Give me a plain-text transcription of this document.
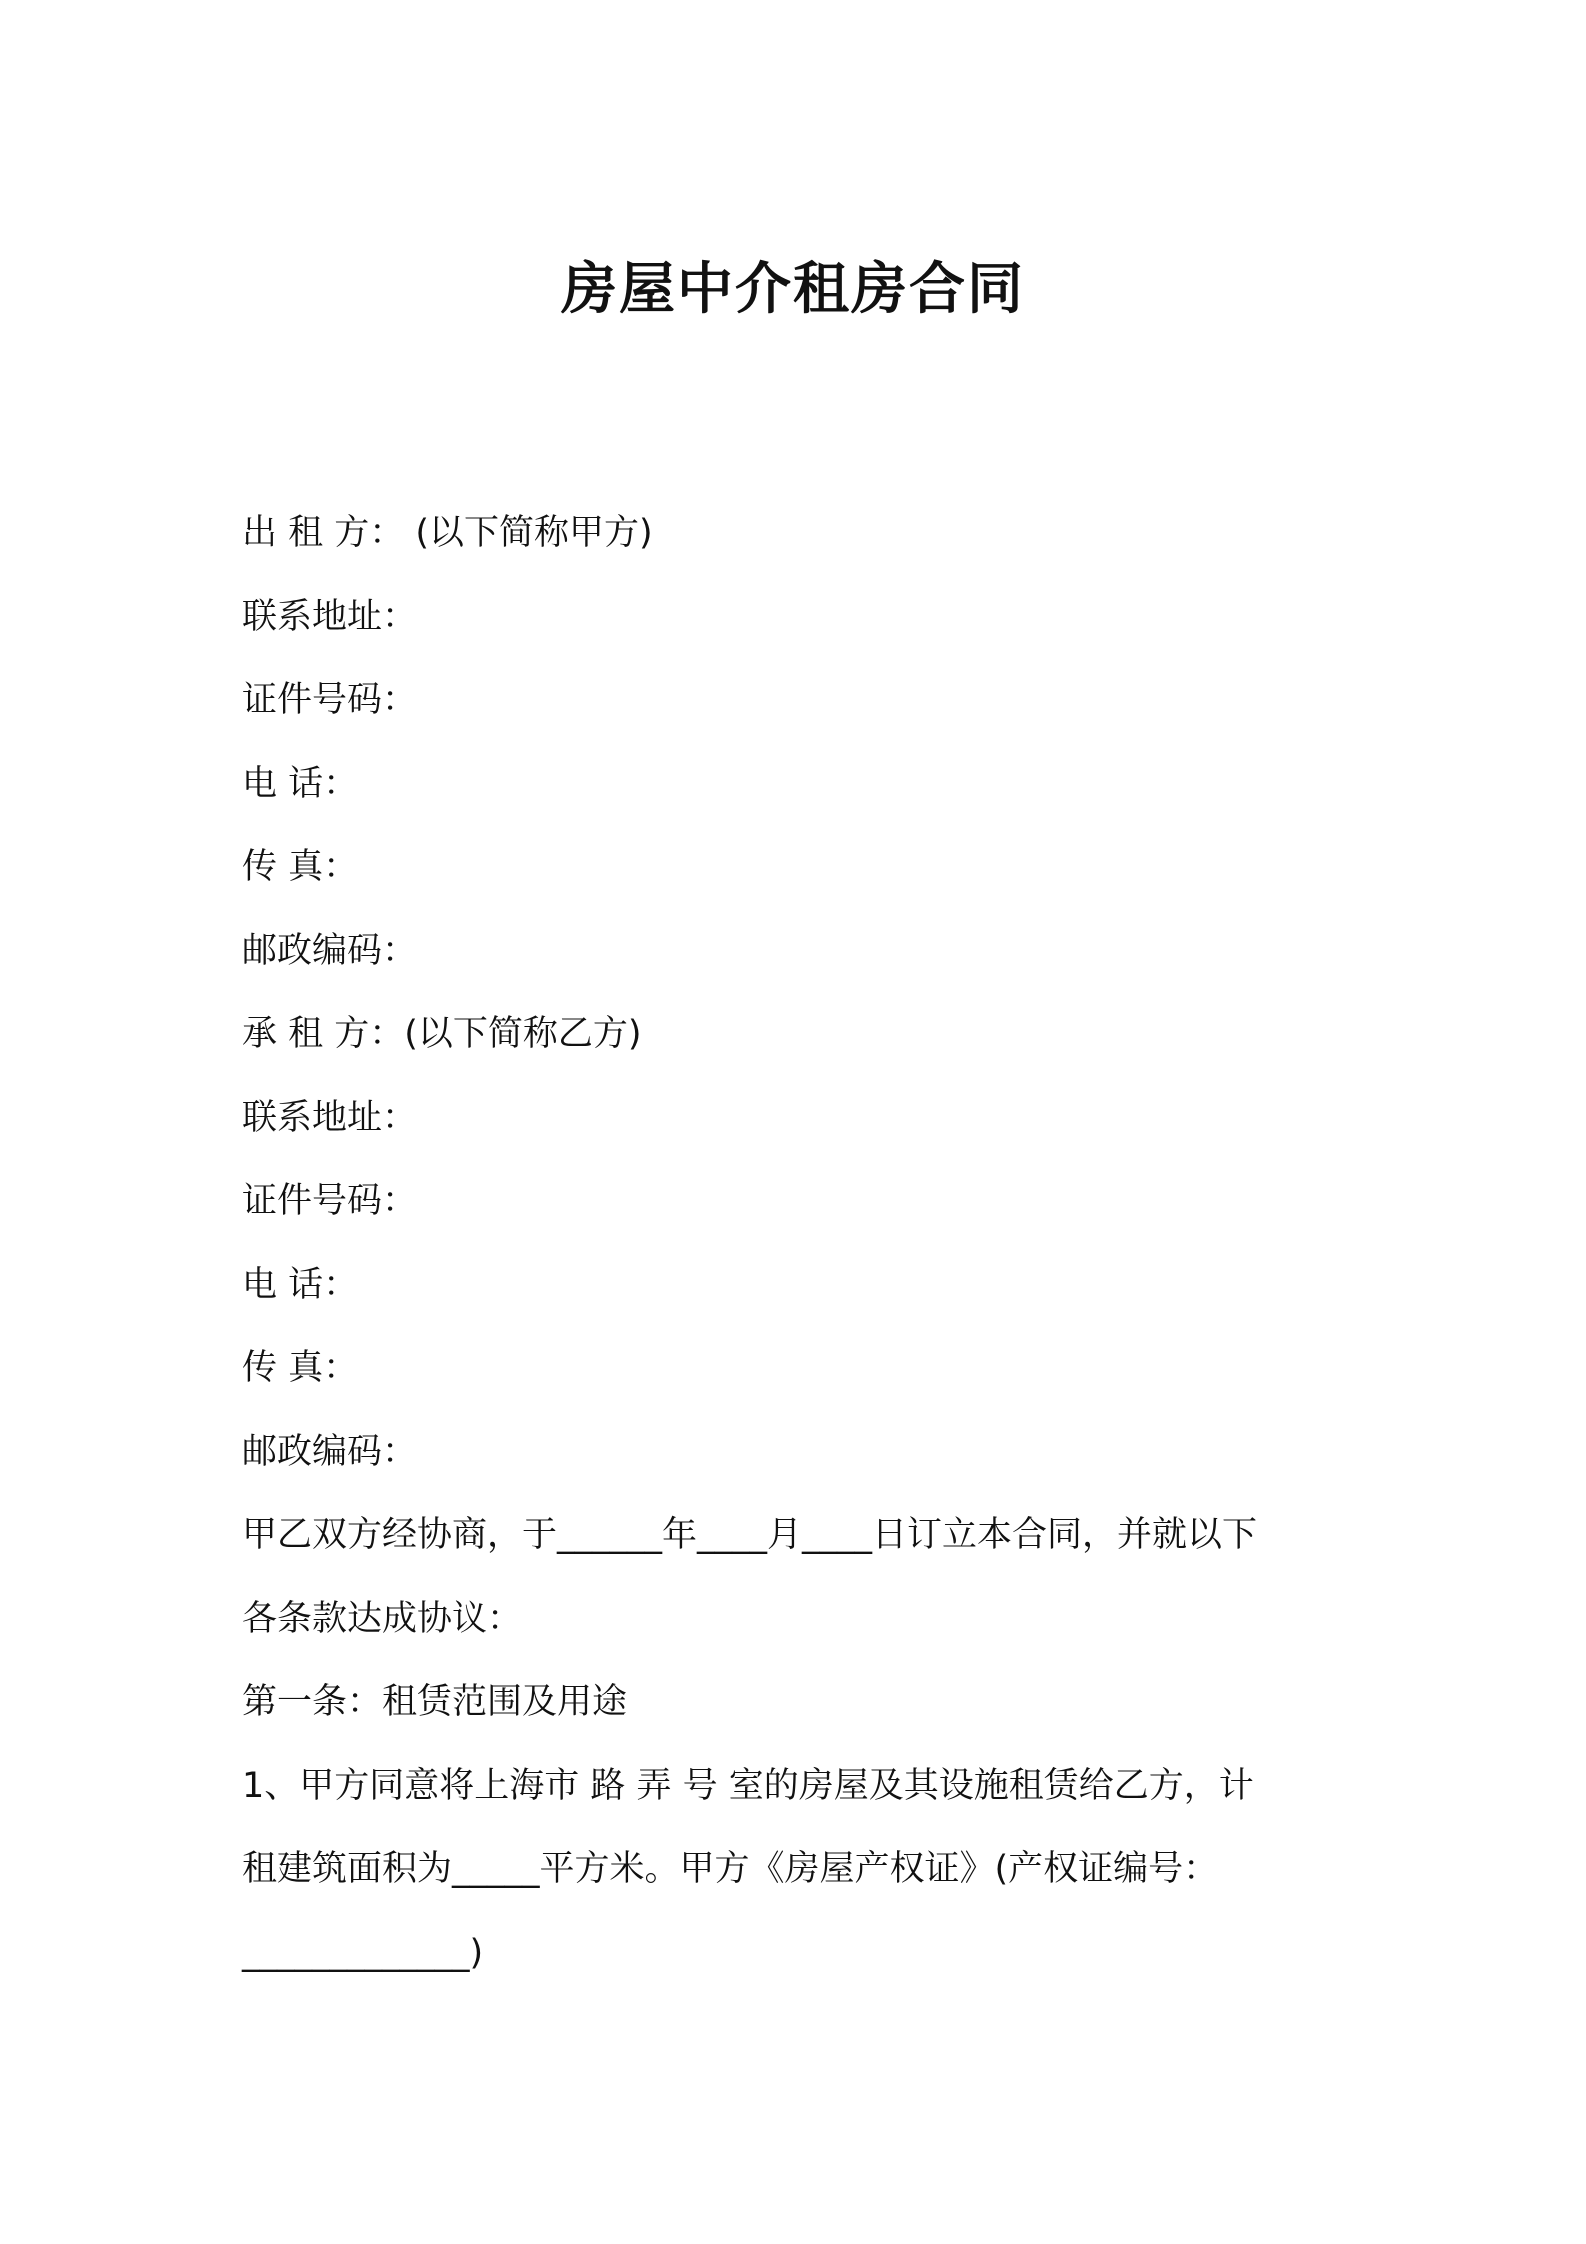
房屋中介租房合同
出 租 方： (以下简称甲方)
联系地址：
证件号码：
电 话：
传 真：
邮政编码：
承 租 方：(以下简称乙方)
联系地址：
证件号码：
电 话：
传 真：
邮政编码：
甲乙双方经协商，于______年____月____日订立本合同，并就以下
各条款达成协议：
第一条：租赁范围及用途
1、甲方同意将上海市 路 弄 号 室的房屋及其设施租赁给乙方，计
租建筑面积为_____平方米。甲方《房屋产权证》(产权证编号：
_____________)
